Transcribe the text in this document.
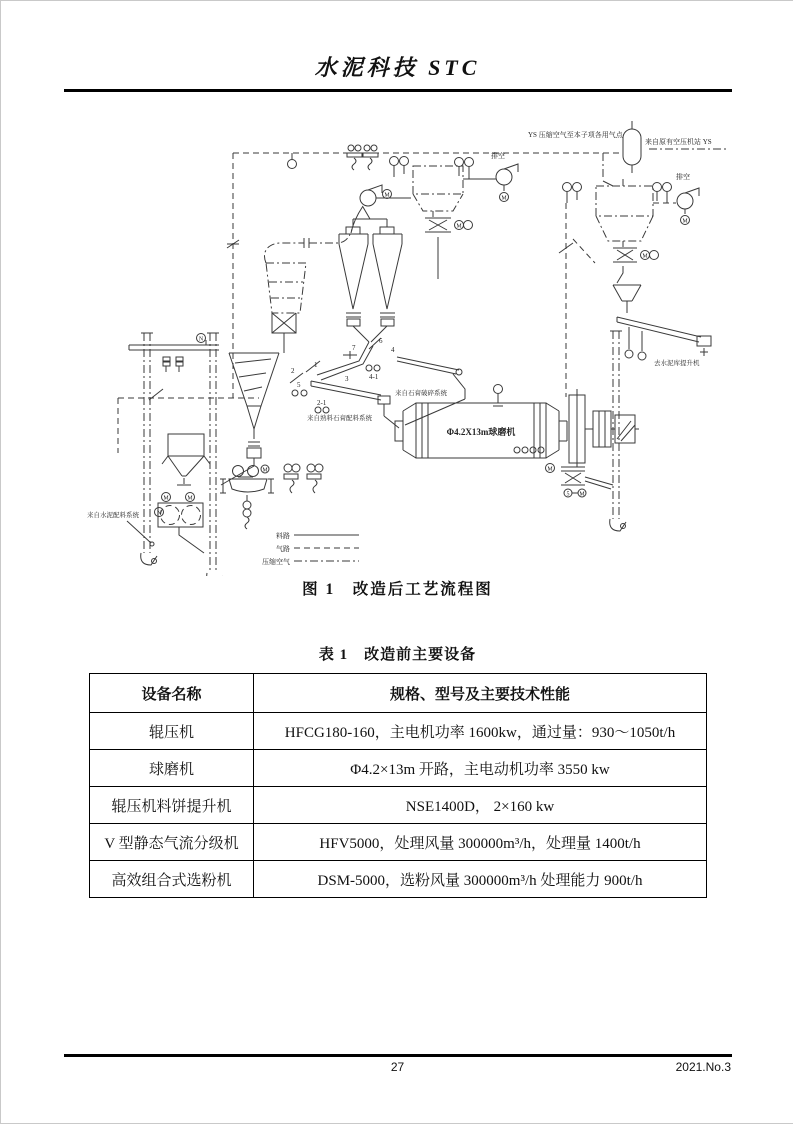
水泥科技 STC
M
M
M
M
M
M	M
M	M
M
5
N
N
YS 压缩空气至本子项各用气点
来自原有空压机站 YS
排空
排空
Φ4.2X13m球磨机
来自水泥配料系统
来自熟料石膏配料系统
来自石膏破碎系统
去水泥库提升机
料路
气路
压缩空气
1
2
3
4
5
6
7
2-1
4-1
图 1　改造后工艺流程图
表 1　改造前主要设备
设备名称	规格、型号及主要技术性能
辊压机	HFCG180-160，主电机功率 1600kw，通过量：930～1050t/h
球磨机	Φ4.2×13m 开路，主电动机功率 3550 kw
辊压机料饼提升机	NSE1400D， 2×160 kw
V 型静态气流分级机	HFV5000，处理风量 300000m³/h，处理量 1400t/h
高效组合式选粉机	DSM-5000，选粉风量 300000m³/h 处理能力 900t/h
27	2021.No.3
